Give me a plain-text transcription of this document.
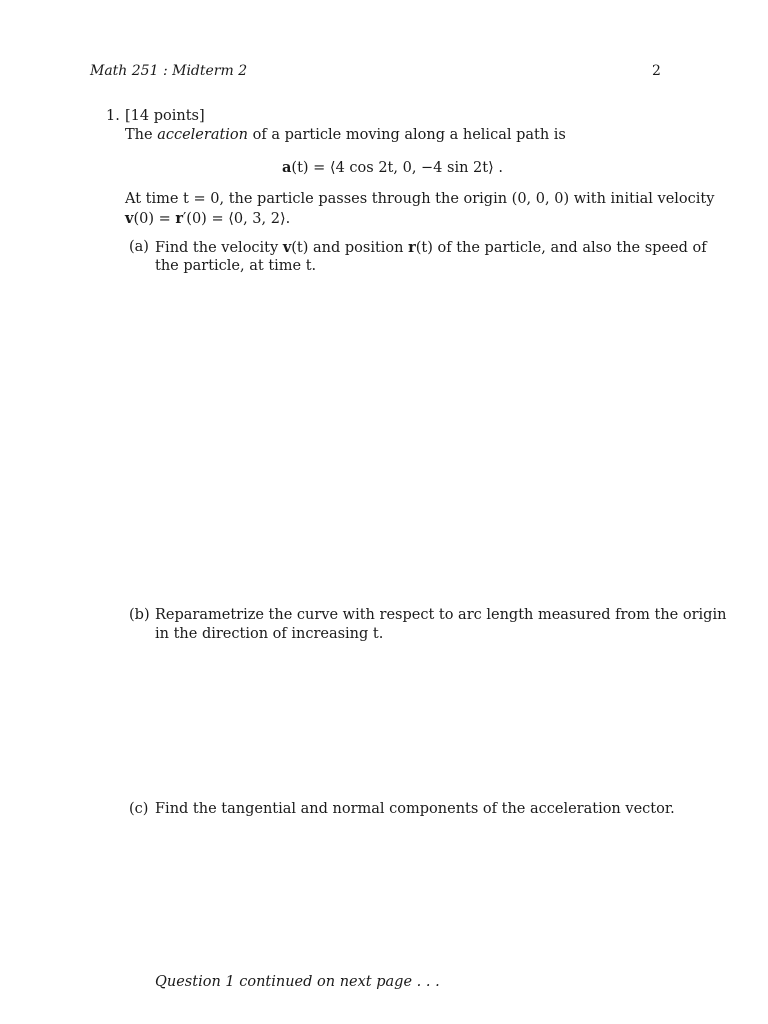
Math 251 : Midterm 2	2
1. [14 points]
The acceleration of a particle moving along a helical path is
a(t) = ⟨4 cos 2t, 0, −4 sin 2t⟩ .
At time t = 0, the particle passes through the origin (0, 0, 0) with initial velocity
v(0) = r′(0) = ⟨0, 3, 2⟩.
(a) Find the velocity v(t) and position r(t) of the particle, and also the speed of
the particle, at time t.
(b) Reparametrize the curve with respect to arc length measured from the origin
in the direction of increasing t.
(c) Find the tangential and normal components of the acceleration vector.
Question 1 continued on next page . . .
